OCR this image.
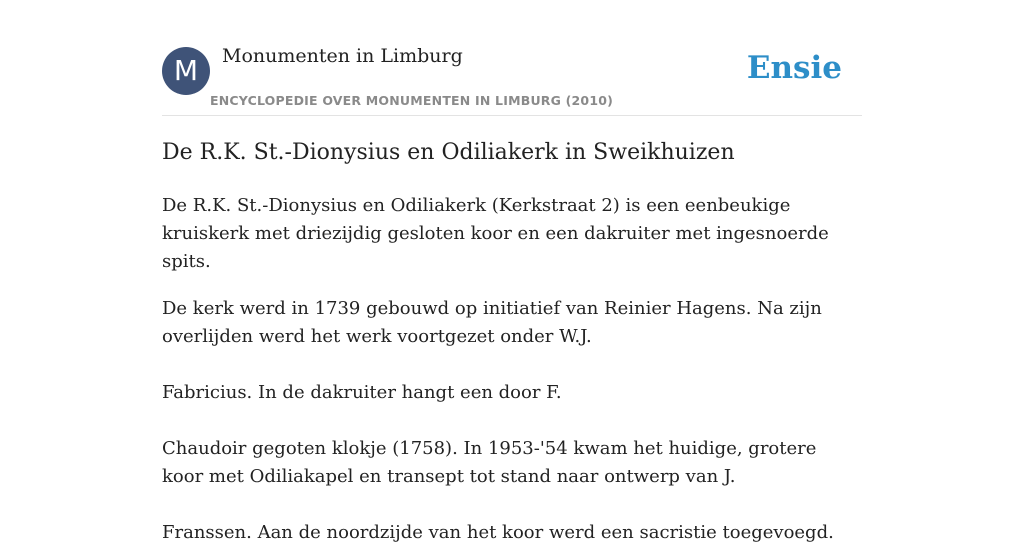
M	Monumenten in Limburg
ENCYCLOPEDIE OVER MONUMENTEN IN LIMBURG (2010)
Ensie
De R.K. St.-Dionysius en Odiliakerk in Sweikhuizen

De R.K. St.-Dionysius en Odiliakerk (Kerkstraat 2) is een eenbeukige kruiskerk met driezijdig gesloten koor en een dakruiter met ingesnoerde spits.

De kerk werd in 1739 gebouwd op initiatief van Reinier Hagens. Na zijn overlijden werd het werk voortgezet onder W.J.

Fabricius. In de dakruiter hangt een door F.

Chaudoir gegoten klokje (1758). In 1953-'54 kwam het huidige, grotere koor met Odiliakapel en transept tot stand naar ontwerp van J.

Franssen. Aan de noordzijde van het koor werd een sacristie toegevoegd.
